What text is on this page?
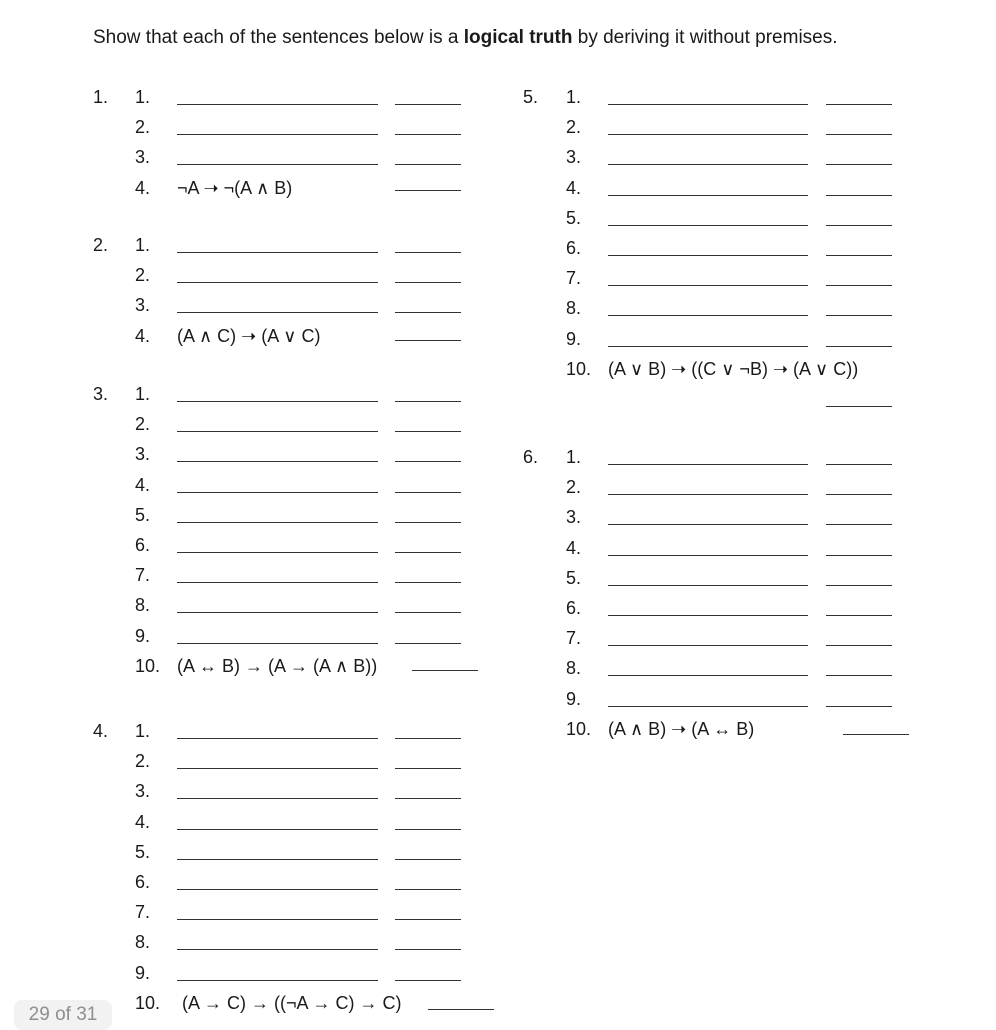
Show that each of the sentences below is a logical truth by deriving it without premises.
1. 1.
2.
3.
4. ¬A ➝ ¬(A ∧ B)
2. 1.
2.
3.
4. (A ∧ C) ➝ (A ∨ C)
3. 1.
2.
3.
4.
5.
6.
7.
8.
9.
10. (A ↔ B) → (A → (A ∧ B))
4. 1.
2.
3.
4.
5.
6.
7.
8.
9.
10. (A → C) → ((¬A → C) → C)
5. 1.
2.
3.
4.
5.
6.
7.
8.
9.
10. (A ∨ B) ➝ ((C ∨ ¬B) ➝ (A ∨ C))
6. 1.
2.
3.
4.
5.
6.
7.
8.
9.
10. (A ∧ B) ➝ (A ↔ B)
29 of 31
